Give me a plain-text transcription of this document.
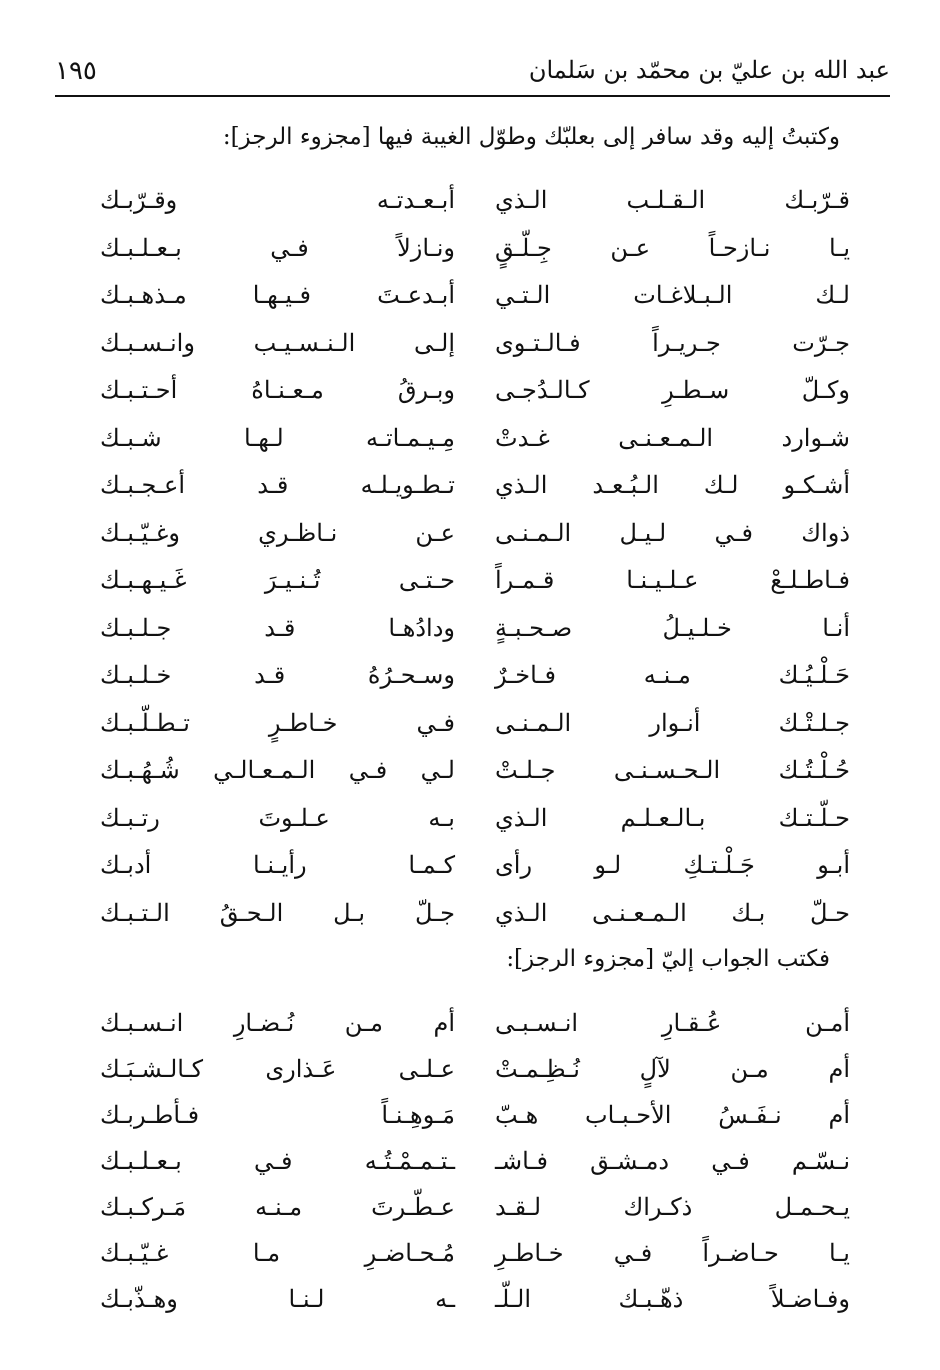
١٩٥	عبد الله بن عليّ بن محمّد بن سَلمان
وكتبتُ إليه وقد سافر إلى بعلبّك وطوّل الغيبة فيها [مجزوء الرجز]:
قـرّبـك الـقـلـب الـذي
أبـعـدتـه وقـرّبـك
يـا نـازحـاً عـن جِـلّـقٍ
ونـازلاً فـي بـعـلـبـك
لـك الـبـلاغـات الـتـي
أبـدعـتَ فـيـهـا مـذهـبـك
جـرّت جـريـراً فـالـتـوى
إلـى الـنـسـيـب وانـسـبـك
وكـلّ سـطـرِ كـالـدُجـى
وبـرقُ مـعـنـاهُ أحـتـبـك
شـوارد الـمـعـنـى غـدتْ
مِـيـمـاتـه لـهـا شـبـك
أشـكـو لـك الـبُـعـد الـذي
تـطـويـلـه قـد أعـجـبـك
ذواك فـي لـيـل الـمـنـى
عـن نـاظـري وغـيّـبـك
فـاطـلـعْ عـلـيـنـا قـمـراً
حـتـى تُـنـيـرَ غَـيـهـبـك
أنـا خـلـيـلُ صـحـبـةٍ
ودادُهـا قـد جـلـبـك
حَـلْـيُـك مـنـه فـاخـرٌ
وسـحـرُهُ قـد خـلـبـك
جـلـتْـك أنـوار الـمـنـى
فـي خـاطـرٍ تـطـلّـبـك
حُـلْـتُـك الـحـسـنـى جـلـتْ
لـي فـي الـمـعـالـي شُـهُـبـك
حـلّـتـك بـالـعـلـم الـذي
بـه عـلـوتَ رتـبـك
أبـو جَـلْـتـكِ لـو رأى
كـمـا رأيـنـا أدبـك
حـلّ بـك الـمـعـنـى الـذي
جـلّ بـل الـحـقُ الـتـبـك
فكتب الجواب إليّ [مجزوء الرجز]:
أمـن عُـقـارِ انـسـبـى
أم مـن نُـضـارِ انـسـبـك
أم مـن لآلٍ نُـظِـمـتْ
عـلـى عَـذارى كـالـشـبَـك
أم نـفَـسُ الأحـبـاب هـبّ
مَـوهِـنـاً فـأطـربـك
نـسّـم فـي دمـشـق فـاشـ
ـتـمـمْـتُـه فـي بـعـلـبـك
يـحـمـل ذكـراك لـقـد
عـطّـرتَ مـنـه مَـركـبـك
يـا حـاضـراً فـي خـاطـرِ
مُـحـاضـرِ مـا غـيّـبـك
وفـاضـلاً ذهّـبـك الـلّـ
ـه لـنـا وهـذّبـك
